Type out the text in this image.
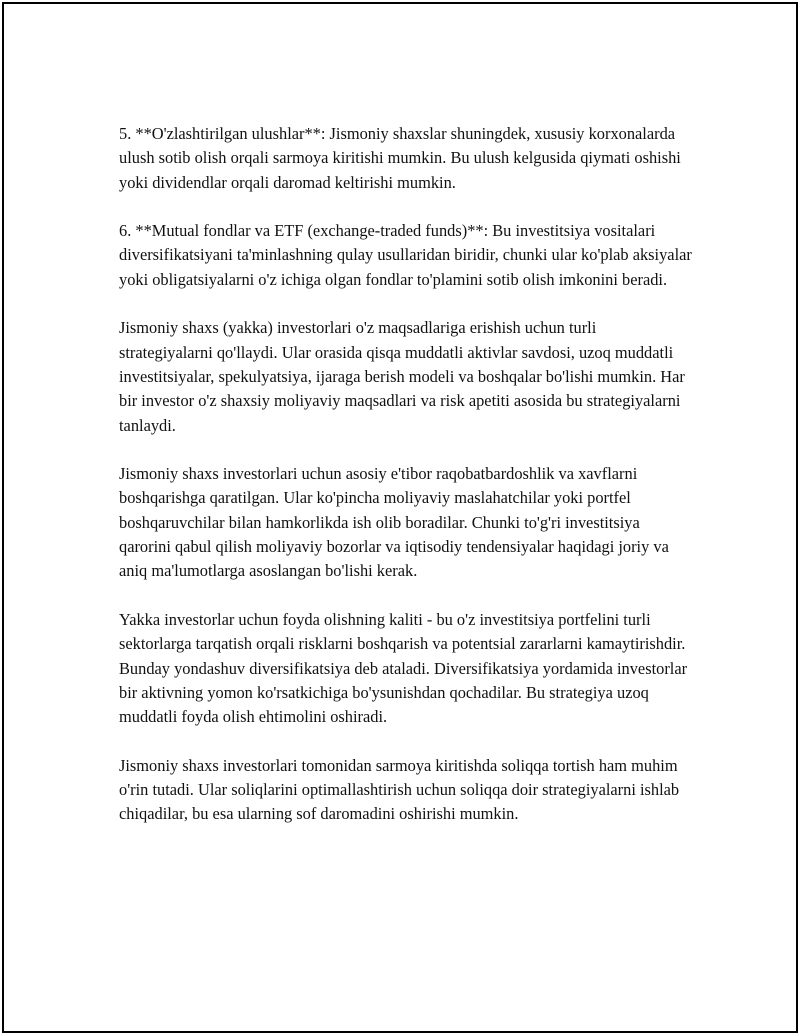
5. **O'zlashtirilgan ulushlar**: Jismoniy shaxslar shuningdek, xususiy korxonalarda ulush sotib olish orqali sarmoya kiritishi mumkin. Bu ulush kelgusida qiymati oshishi yoki dividendlar orqali daromad keltirishi mumkin.

6. **Mutual fondlar va ETF (exchange-traded funds)**: Bu investitsiya vositalari diversifikatsiyani ta'minlashning qulay usullaridan biridir, chunki ular ko'plab aksiyalar yoki obligatsiyalarni o'z ichiga olgan fondlar to'plamini sotib olish imkonini beradi.

Jismoniy shaxs (yakka) investorlari o'z maqsadlariga erishish uchun turli strategiyalarni qo'llaydi. Ular orasida qisqa muddatli aktivlar savdosi, uzoq muddatli investitsiyalar, spekulyatsiya, ijaraga berish modeli va boshqalar bo'lishi mumkin. Har bir investor o'z shaxsiy moliyaviy maqsadlari va risk apetiti asosida bu strategiyalarni tanlaydi.

Jismoniy shaxs investorlari uchun asosiy e'tibor raqobatbardoshlik va xavflarni boshqarishga qaratilgan. Ular ko'pincha moliyaviy maslahatchilar yoki portfel boshqaruvchilar bilan hamkorlikda ish olib boradilar. Chunki to'g'ri investitsiya qarorini qabul qilish moliyaviy bozorlar va iqtisodiy tendensiyalar haqidagi joriy va aniq ma'lumotlarga asoslangan bo'lishi kerak.

Yakka investorlar uchun foyda olishning kaliti - bu o'z investitsiya portfelini turli sektorlarga tarqatish orqali risklarni boshqarish va potentsial zararlarni kamaytirishdir. Bunday yondashuv diversifikatsiya deb ataladi. Diversifikatsiya yordamida investorlar bir aktivning yomon ko'rsatkichiga bo'ysunishdan qochadilar. Bu strategiya uzoq muddatli foyda olish ehtimolini oshiradi.

Jismoniy shaxs investorlari tomonidan sarmoya kiritishda soliqqa tortish ham muhim o'rin tutadi. Ular soliqlarini optimallashtirish uchun soliqqa doir strategiyalarni ishlab chiqadilar, bu esa ularning sof daromadini oshirishi mumkin.
